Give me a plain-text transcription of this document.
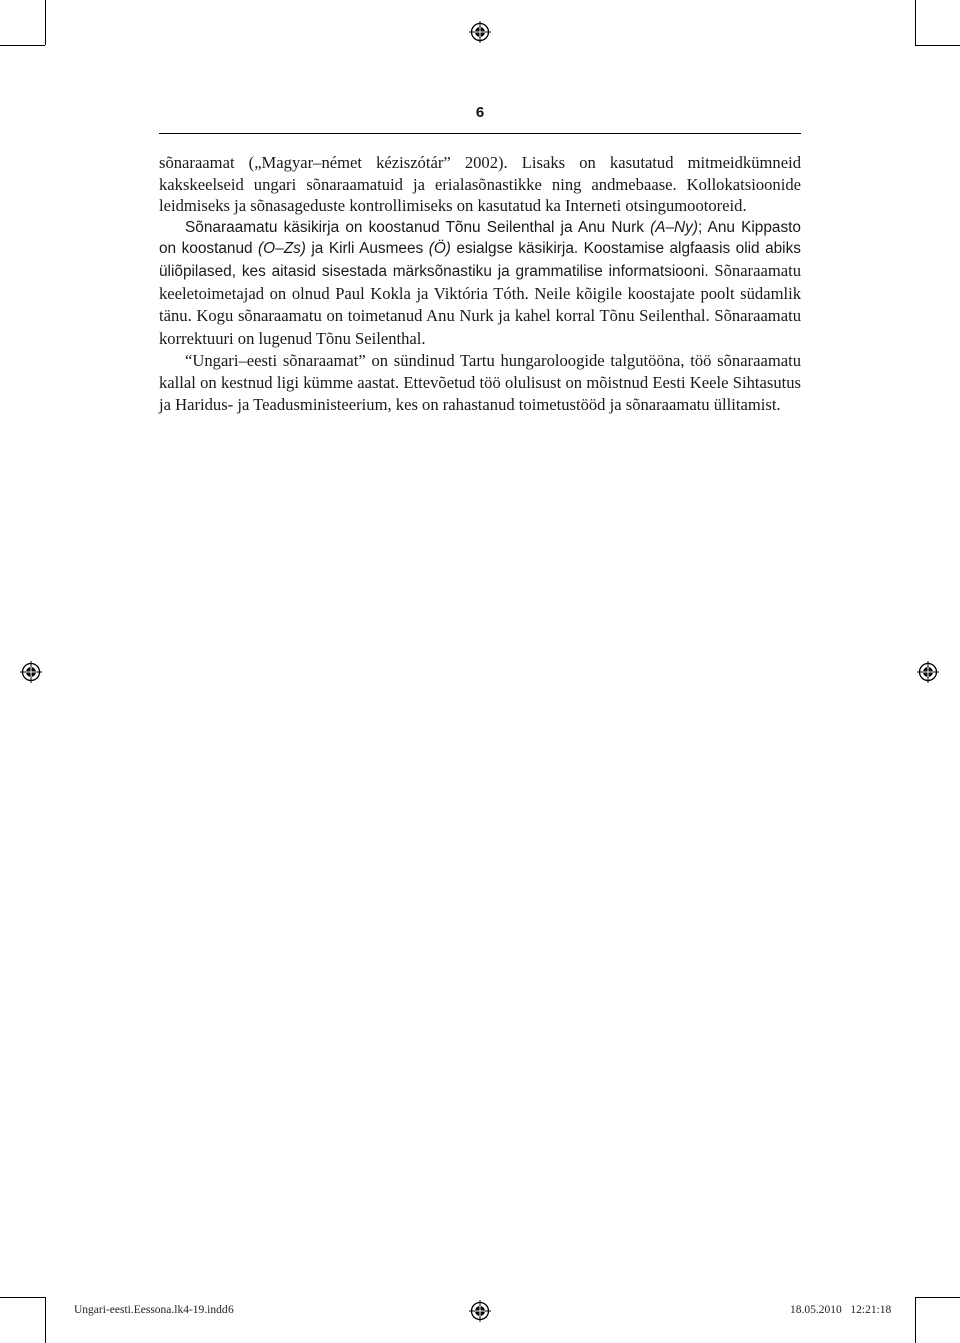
6

sõnaraamat („Magyar–német kéziszótár” 2002). Lisaks on kasutatud mitmeidkümneid kakskeelseid ungari sõnaraamatuid ja erialasõnastikke ning andmebaase. Kollokatsioonide leidmiseks ja sõnasageduste kontrollimiseks on kasutatud ka Interneti otsingumootoreid.

Sõnaraamatu käsikirja on koostanud Tõnu Seilenthal ja Anu Nurk (A–Ny); Anu Kippasto on koostanud (O–Zs) ja Kirli Ausmees (Ö) esialgse käsikirja. Koostamise algfaasis olid abiks üliõpilased, kes aitasid sisestada märksõnastiku ja grammatilise informatsiooni. Sõnaraamatu keeletoimetajad on olnud Paul Kokla ja Viktória Tóth. Neile kõigile koostajate poolt südamlik tänu. Kogu sõnaraamatu on toimetanud Anu Nurk ja kahel korral Tõnu Seilenthal. Sõnaraamatu korrektuuri on lugenud Tõnu Seilenthal.

“Ungari–eesti sõnaraamat” on sündinud Tartu hungaroloogide talgutööna, töö sõnaraamatu kallal on kestnud ligi kümme aastat. Ettevõetud töö olulisust on mõistnud Eesti Keele Sihtasutus ja Haridus- ja Teadusministeerium, kes on rahastanud toimetustööd ja sõnaraamatu üllitamist.

Ungari-eesti.Eessona.lk4-19.indd 6	18.05.2010   12:21:18
